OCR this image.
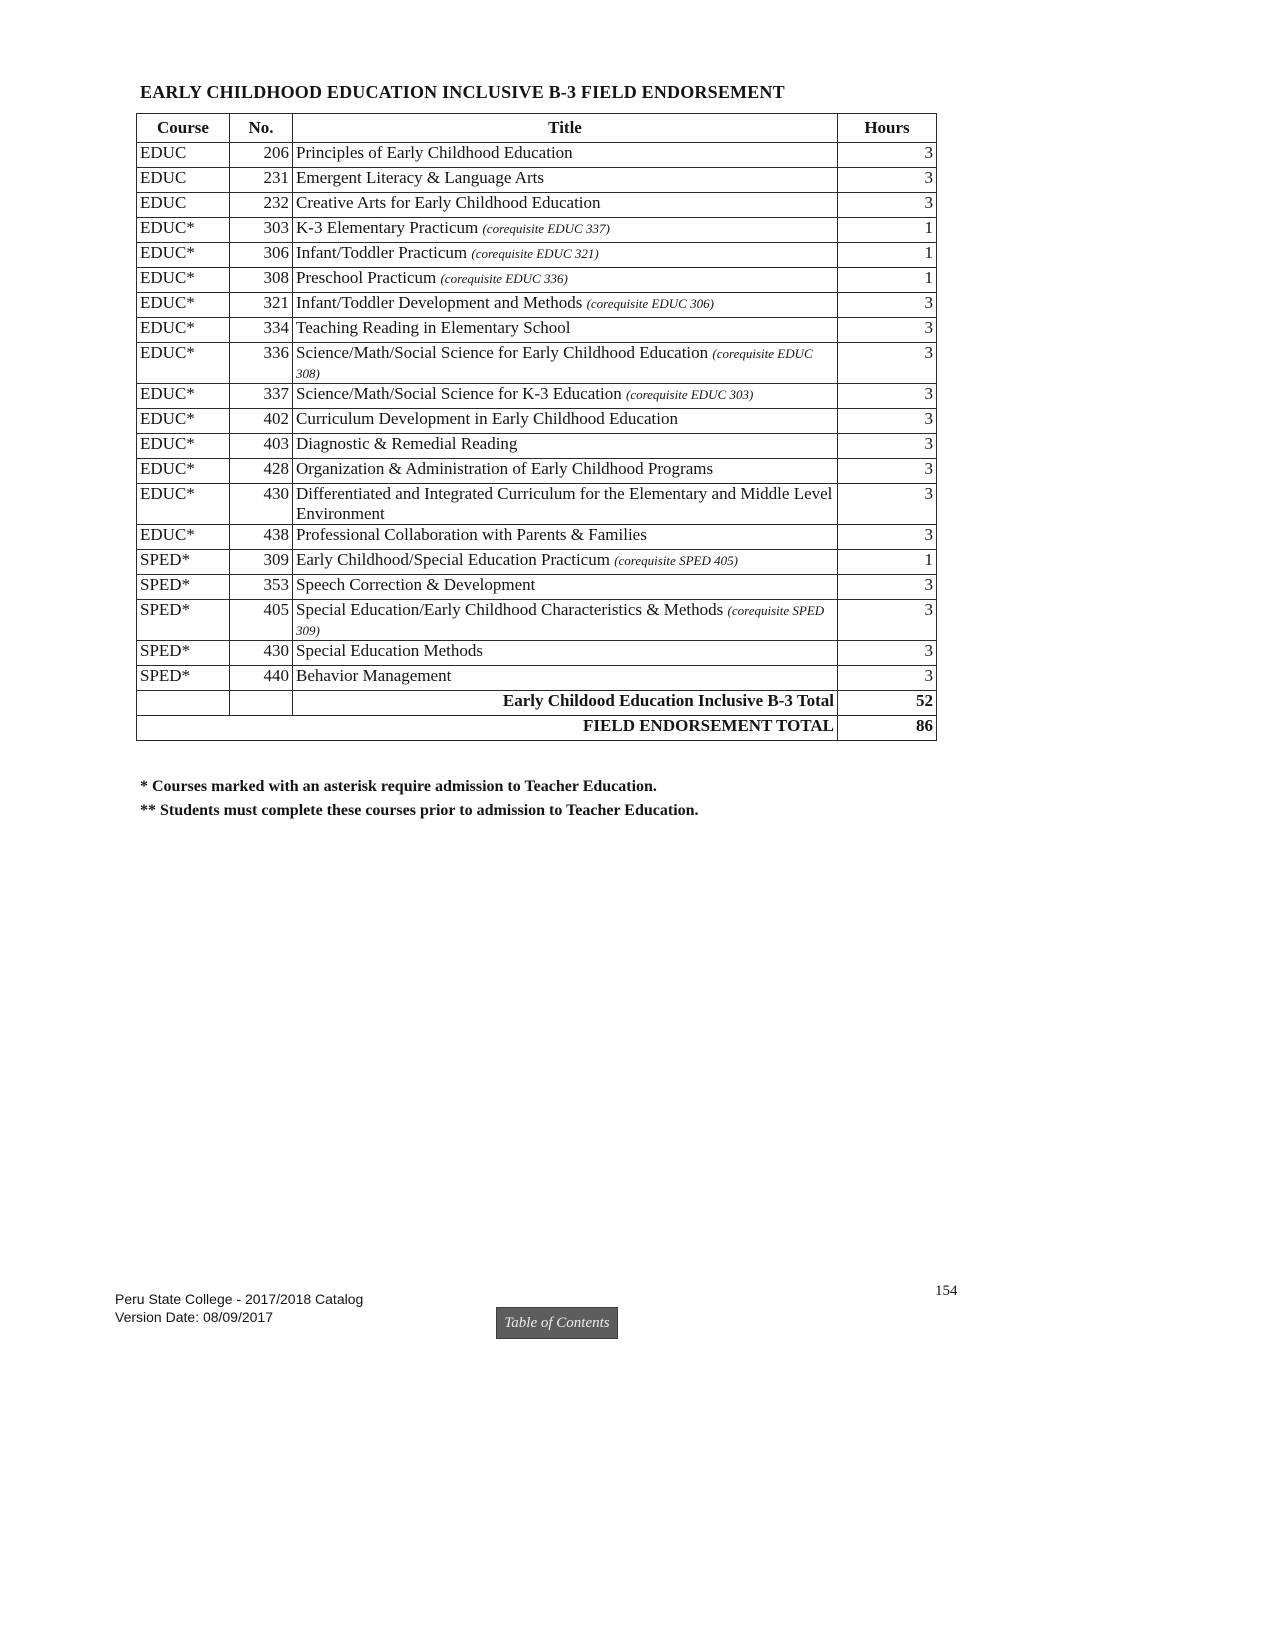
EARLY CHILDHOOD EDUCATION INCLUSIVE B-3 FIELD ENDORSEMENT
Course	No.	Title	Hours
EDUC	206	Principles of Early Childhood Education	3
EDUC	231	Emergent Literacy & Language Arts	3
EDUC	232	Creative Arts for Early Childhood Education	3
EDUC*	303	K-3 Elementary Practicum (corequisite EDUC 337)	1
EDUC*	306	Infant/Toddler Practicum (corequisite EDUC 321)	1
EDUC*	308	Preschool Practicum (corequisite EDUC 336)	1
EDUC*	321	Infant/Toddler Development and Methods (corequisite EDUC 306)	3
EDUC*	334	Teaching Reading in Elementary School	3
EDUC*	336	Science/Math/Social Science for Early Childhood Education (corequisite EDUC 308)	3
EDUC*	337	Science/Math/Social Science for K-3 Education (corequisite EDUC 303)	3
EDUC*	402	Curriculum Development in Early Childhood Education	3
EDUC*	403	Diagnostic & Remedial Reading	3
EDUC*	428	Organization & Administration of Early Childhood Programs	3
EDUC*	430	Differentiated and Integrated Curriculum for the Elementary and Middle Level Environment	3
EDUC*	438	Professional Collaboration with Parents & Families	3
SPED*	309	Early Childhood/Special Education Practicum (corequisite SPED 405)	1
SPED*	353	Speech Correction & Development	3
SPED*	405	Special Education/Early Childhood Characteristics & Methods (corequisite SPED 309)	3
SPED*	430	Special Education Methods	3
SPED*	440	Behavior Management	3
		Early Childood Education Inclusive B-3 Total	52
FIELD ENDORSEMENT TOTAL			86

* Courses marked with an asterisk require admission to Teacher Education.

** Students must complete these courses prior to admission to Teacher Education.

Peru State College - 2017/2018 Catalog
Version Date: 08/09/2017
154
Table of Contents
